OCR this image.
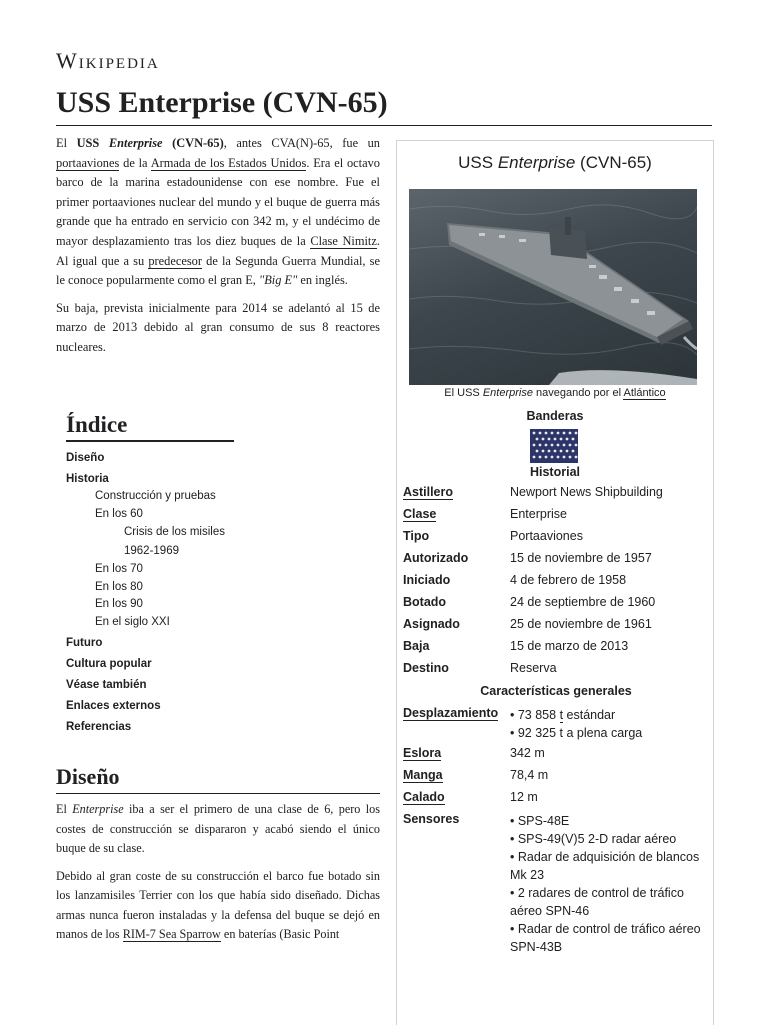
Wikipedia
USS Enterprise (CVN-65)

El USS Enterprise (CVN-65), antes CVA(N)-65, fue un portaaviones de la Armada de los Estados Unidos. Era el octavo barco de la marina estadounidense con ese nombre. Fue el primer portaaviones nuclear del mundo y el buque de guerra más grande que ha entrado en servicio con 342 m, y el undécimo de mayor desplazamiento tras los diez buques de la Clase Nimitz. Al igual que a su predecesor de la Segunda Guerra Mundial, se le conoce popularmente como el gran E, "Big E" en inglés.

Su baja, prevista inicialmente para 2014 se adelantó al 15 de marzo de 2013 debido al gran consumo de sus 8 reactores nucleares.

Índice
Diseño
Historia
Construcción y pruebas
En los 60
Crisis de los misiles
1962-1969
En los 70
En los 80
En los 90
En el siglo XXI
Futuro
Cultura popular
Véase también
Enlaces externos
Referencias
Diseño

El Enterprise iba a ser el primero de una clase de 6, pero los costes de construcción se dispararon y acabó siendo el único buque de su clase.

Debido al gran coste de su construcción el barco fue botado sin los lanzamisiles Terrier con los que había sido diseñado. Dichas armas nunca fueron instaladas y la defensa del buque se dejó en manos de los RIM-7 Sea Sparrow en baterías (Basic Point

USS Enterprise (CVN-65)
El USS Enterprise navegando por el Atlántico
Banderas
Historial
Astillero	Newport News Shipbuilding
Clase	Enterprise
Tipo	Portaaviones
Autorizado	15 de noviembre de 1957
Iniciado	4 de febrero de 1958
Botado	24 de septiembre de 1960
Asignado	25 de noviembre de 1961
Baja	15 de marzo de 2013
Destino	Reserva
Características generales
Desplazamiento • 73 858 t estándar
• 92 325 t a plena carga
Eslora	342 m
Manga	78,4 m
Calado	12 m
Sensores	• SPS-48E
• SPS-49(V)5 2-D radar aéreo
• Radar de adquisición de blancos Mk 23
• 2 radares de control de tráfico aéreo SPN-46
• Radar de control de tráfico aéreo SPN-43B
